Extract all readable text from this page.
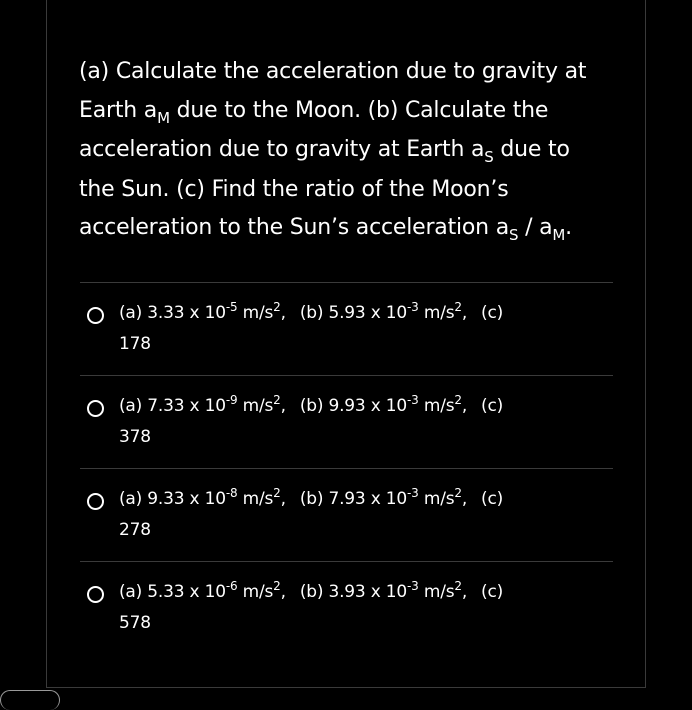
(a) Calculate the acceleration due to gravity at
Earth $a_M$ due to the Moon. (b) Calculate the
acceleration due to gravity at Earth $a_S$ due to
the Sun. (c) Find the ratio of the Moon’s
acceleration to the Sun’s acceleration $a_S / a_M$.
(a) 3.33 x $10^{-5}$ $m/s^2$, (b) 5.93 x $10^{-3}$ $m/s^2$, (c)
178
(a) 7.33 x $10^{-9}$ $m/s^2$, (b) 9.93 x $10^{-3}$ $m/s^2$, (c)
378
(a) 9.33 x $10^{-8}$ $m/s^2$, (b) 7.93 x $10^{-3}$ $m/s^2$, (c)
278
(a) 5.33 x $10^{-6}$ $m/s^2$, (b) 3.93 x $10^{-3}$ $m/s^2$, (c)
578
